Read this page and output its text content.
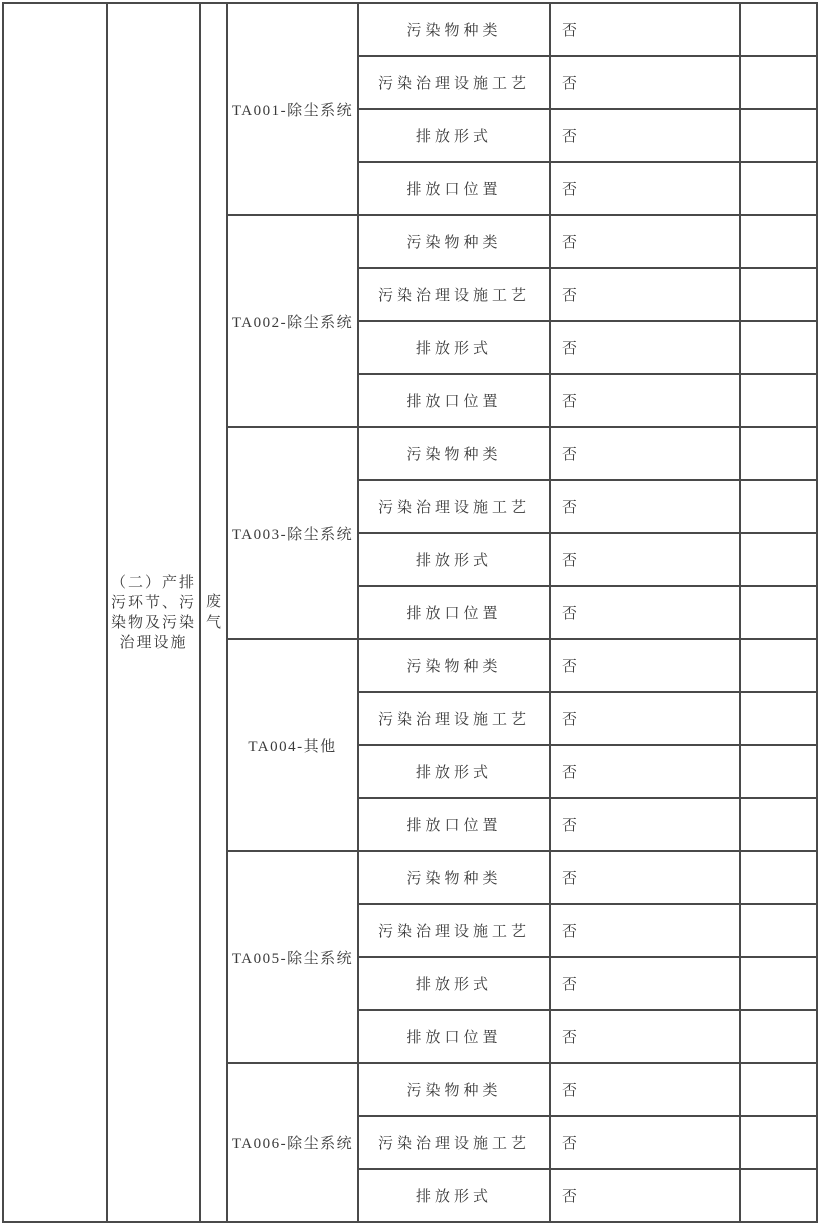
	（二）产排污环节、污染物及污染治理设施	废气	TA001-除尘系统	污染物种类	否	
				污染治理设施工艺	否	
				排放形式	否	
				排放口位置	否	
			TA002-除尘系统	污染物种类	否	
				污染治理设施工艺	否	
				排放形式	否	
				排放口位置	否	
			TA003-除尘系统	污染物种类	否	
				污染治理设施工艺	否	
				排放形式	否	
				排放口位置	否	
			TA004-其他	污染物种类	否	
				污染治理设施工艺	否	
				排放形式	否	
				排放口位置	否	
			TA005-除尘系统	污染物种类	否	
				污染治理设施工艺	否	
				排放形式	否	
				排放口位置	否	
			TA006-除尘系统	污染物种类	否	
				污染治理设施工艺	否	
				排放形式	否	
